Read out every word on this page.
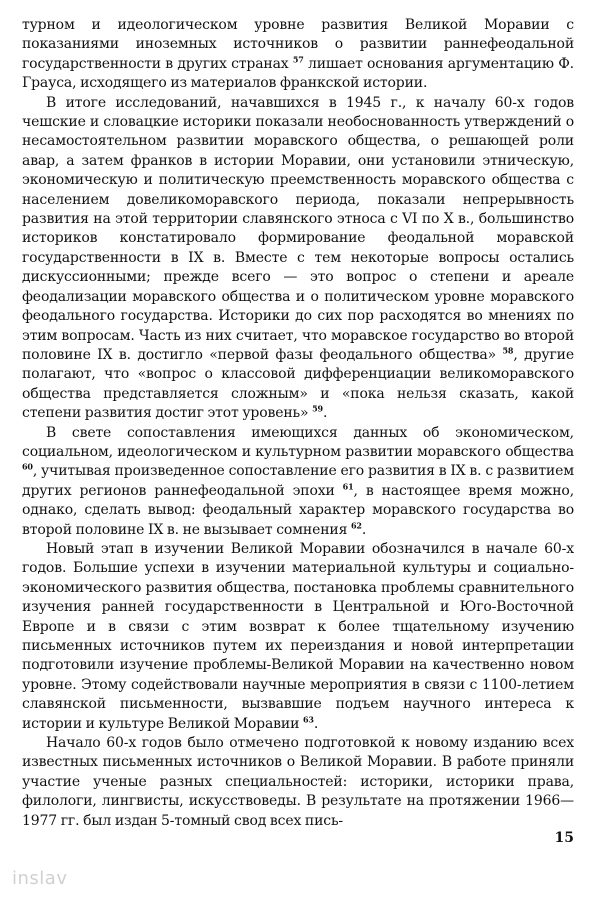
турном и идеологическом уровне развития Великой Моравии с показаниями иноземных источников о развитии раннефеодальной государственности в других странах $^{57}$ лишает основания аргументацию Ф. Грауса, исходящего из материалов франкской истории.

В итоге исследований, начавшихся в 1945 г., к началу 60-х годов чешские и словацкие историки показали необоснованность утверждений о несамостоятельном развитии моравского общества, о решающей роли авар, а затем франков в истории Моравии, они установили этническую, экономическую и политическую преемственность моравского общества с населением довеликоморавского периода, показали непрерывность развития на этой территории славянского этноса с VI по X в., большинство историков констатировало формирование феодальной моравской государственности в IX в. Вместе с тем некоторые вопросы остались дискуссионными; прежде всего — это вопрос о степени и ареале феодализации моравского общества и о политическом уровне моравского феодального государства. Историки до сих пор расходятся во мнениях по этим вопросам. Часть из них считает, что моравское государство во второй половине IX в. достигло «первой фазы феодального общества» $^{58}$, другие полагают, что «вопрос о классовой дифференциации великоморавского общества представляется сложным» и «пока нельзя сказать, какой степени развития достиг этот уровень» $^{59}$.

В свете сопоставления имеющихся данных об экономическом, социальном, идеологическом и культурном развитии моравского общества $^{60}$, учитывая произведенное сопоставление его развития в IX в. с развитием других регионов раннефеодальной эпохи $^{61}$, в настоящее время можно, однако, сделать вывод: феодальный характер моравского государства во второй половине IX в. не вызывает сомнения $^{62}$.

Новый этап в изучении Великой Моравии обозначился в начале 60-х годов. Большие успехи в изучении материальной культуры и социально-экономического развития общества, постановка проблемы сравнительного изучения ранней государственности в Центральной и Юго-Восточной Европе и в связи с этим возврат к более тщательному изучению письменных источников путем их переиздания и новой интерпретации подготовили изучение проблемы-Великой Моравии на качественно новом уровне. Этому содействовали научные мероприятия в связи с 1100-летием славянской письменности, вызвавшие подъем научного интереса к истории и культуре Великой Моравии $^{63}$.

Начало 60-х годов было отмечено подготовкой к новому изданию всех известных письменных источников о Великой Моравии. В работе приняли участие ученые разных специальностей: историки, историки права, филологи, лингвисты, искусствоведы. В результате на протяжении 1966—1977 гг. был издан 5-томный свод всех пись-

15
inslav
